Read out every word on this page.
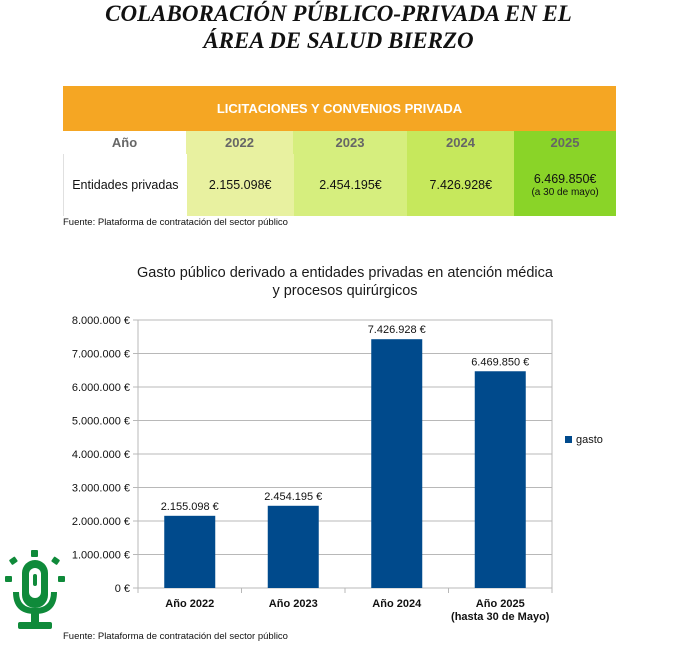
COLABORACIÓN PÚBLICO-PRIVADA EN EL
ÁREA DE SALUD BIERZO
LICITACIONES Y CONVENIOS PRIVADA
Año	2022	2023	2024	2025
Entidades privadas	2.155.098€	2.454.195€	7.426.928€	6.469.850€
(a 30 de mayo)
Fuente: Plataforma de contratación del sector público
Gasto público derivado a entidades privadas en atención médica
y procesos quirúrgicos
0 €
1.000.000 €
2.000.000 €
3.000.000 €
4.000.000 €
5.000.000 €
6.000.000 €
7.000.000 €
8.000.000 €
2.155.098 €
Año 2022
2.454.195 €
Año 2023
7.426.928 €
Año 2024
6.469.850 €
Año 2025
(hasta 30 de Mayo)
gasto
Fuente: Plataforma de contratación del sector público
